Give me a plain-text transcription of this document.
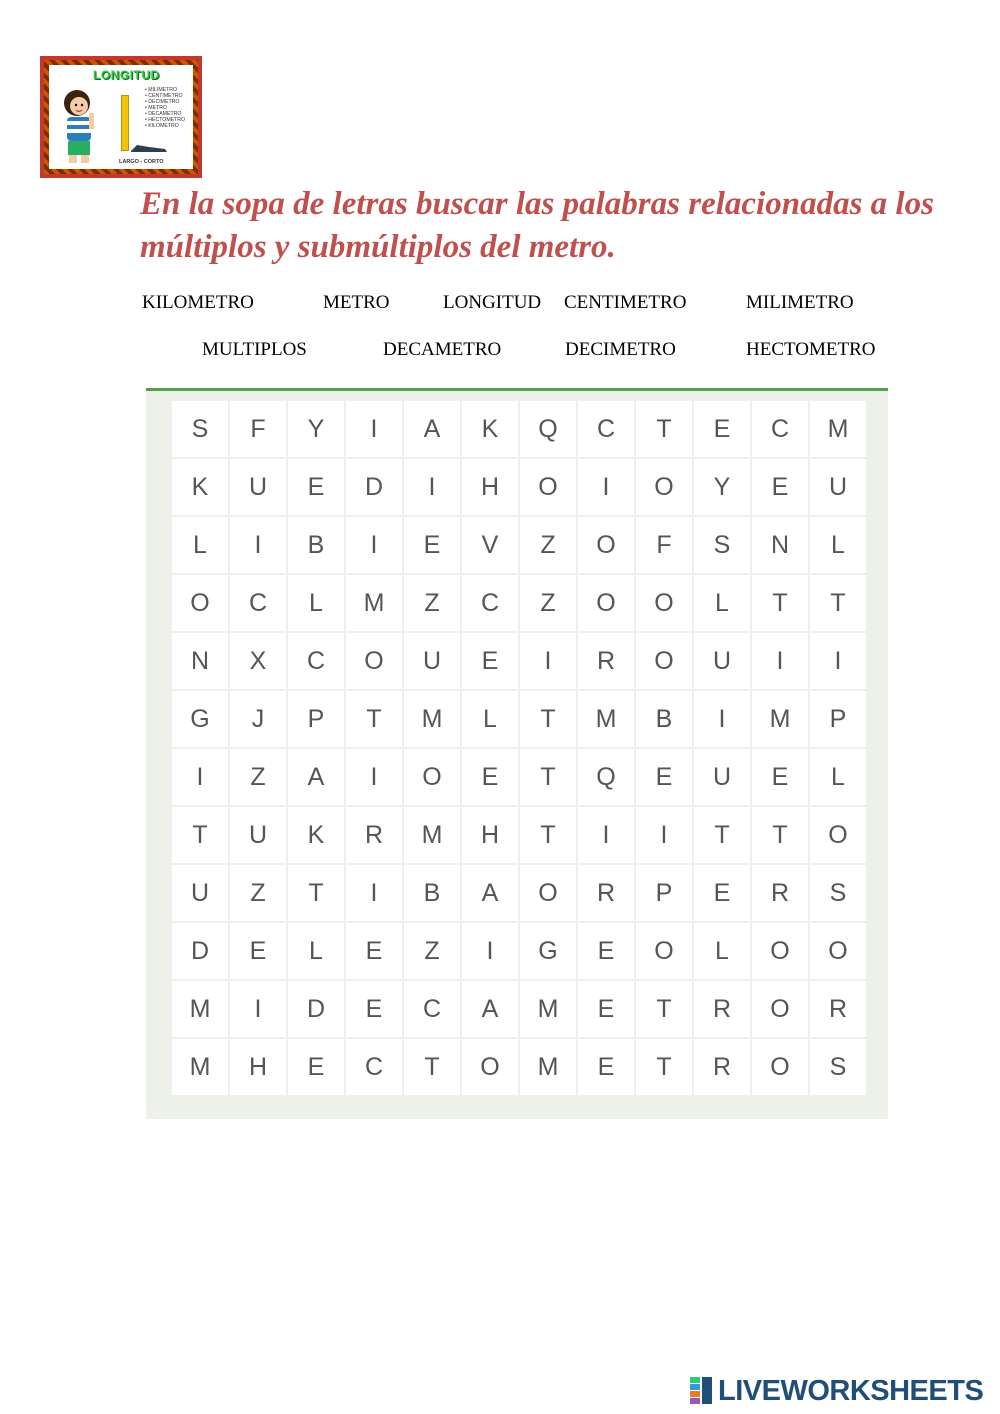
LONGITUD
• MILIMETRO
• CENTIMETRO
• DECIMETRO
• METRO
• DECAMETRO
• HECTOMETRO
• KILOMETRO
LARGO - CORTO

En la sopa de letras buscar las palabras relacionadas a los múltiplos y submúltiplos del metro.

KILOMETRO	METRO	LONGITUD CENTIMETRO	MILIMETRO
MULTIPLOS	DECAMETRO	DECIMETRO	HECTOMETRO
S	F	Y	I	A	K	Q	C	T	E	C	M
K	U	E	D	I	H	O	I	O	Y	E	U
L	I	B	I	E	V	Z	O	F	S	N	L
O	C	L	M	Z	C	Z	O	O	L	T	T
N	X	C	O	U	E	I	R	O	U	I	I
G	J	P	T	M	L	T	M	B	I	M	P
I	Z	A	I	O	E	T	Q	E	U	E	L
T	U	K	R	M	H	T	I	I	T	T	O
U	Z	T	I	B	A	O	R	P	E	R	S
D	E	L	E	Z	I	G	E	O	L	O	O
M	I	D	E	C	A	M	E	T	R	O	R
M	H	E	C	T	O	M	E	T	R	O	S
LIVEWORKSHEETS
